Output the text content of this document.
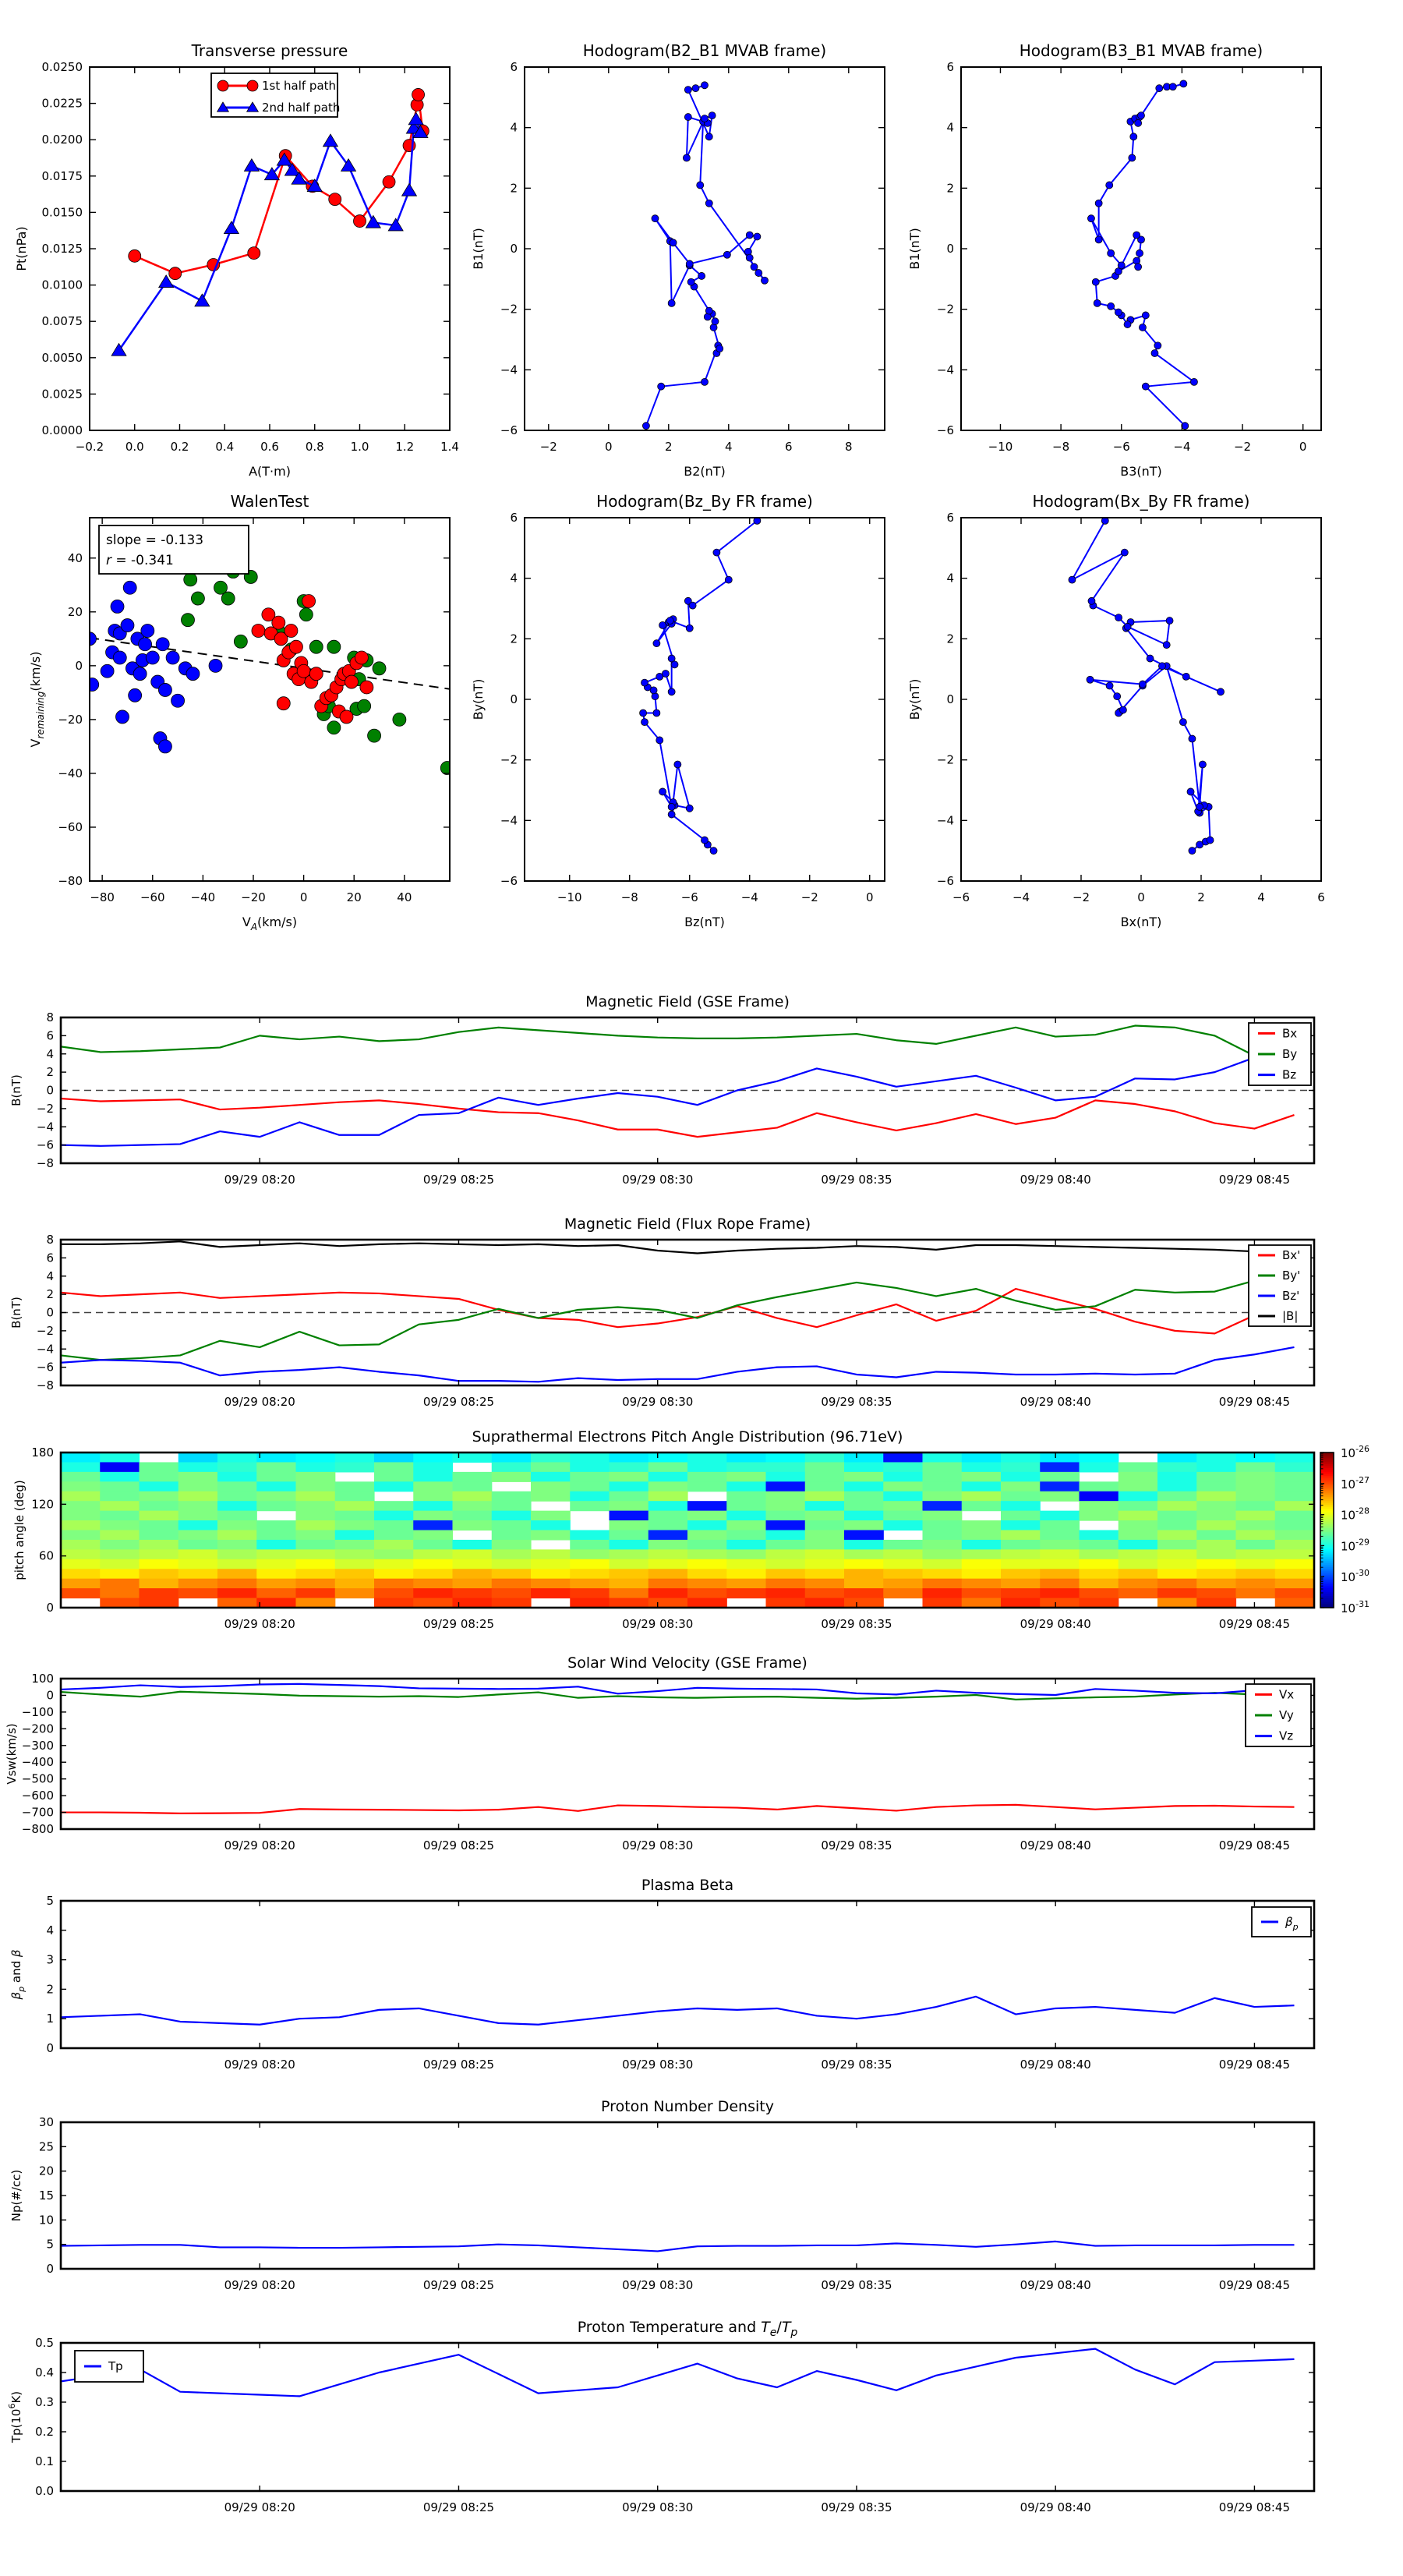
−0.2 0.0 0.2 0.4 0.6 0.8 1.0 1.2 1.4
0.0000
0.0025
0.0050
0.0075
0.0100
0.0125
0.0150
0.0175
0.0200
0.0225
0.0250
Transverse pressure
A(T·m)
Pt(nPa)
1st half path
2nd half path
−2	0	2	4	6	8
−6
−4
−2
0
2
4
6
Hodogram(B2_B1 MVAB frame)
B2(nT)
B1(nT)
−10	−8	−6	−4	−2	0
−6
−4
−2
0
2
4
6
Hodogram(B3_B1 MVAB frame)
B3(nT)
B1(nT)
−80 −60 −40 −20	0	20	40
−80
−60
−40
−20
0
20
40
WalenTest
$V_A(km/s)$
$V_{remaining}(km/s)$
slope = -0.133
r = -0.341
−10	−8	−6	−4	−2	0
−6
−4
−2
0
2
4
6
Hodogram(Bz_By FR frame)
Bz(nT)
By(nT)
−6	−4	−2	0	2	4	6
−6
−4
−2
0
2
4
6
Hodogram(Bx_By FR frame)
Bx(nT)
By(nT)
09/29 08:20	09/29 08:25	09/29 08:30	09/29 08:35	09/29 08:40	09/29 08:45
8
6
4
2
0
−2
−4
−6
−8
Magnetic Field (GSE Frame)
B(nT)
Bx
By
Bz
09/29 08:20	09/29 08:25	09/29 08:30	09/29 08:35	09/29 08:40	09/29 08:45
8
6
4
2
0
−2
−4
−6
−8
Magnetic Field (Flux Rope Frame)
B(nT)
Bx'
By'
Bz'
|B|
09/29 08:20	09/29 08:25	09/29 08:30	09/29 08:35	09/29 08:40	09/29 08:45
180
120
60
0
Suprathermal Electrons Pitch Angle Distribution (96.71eV)
pitch angle (deg)
$10^{-26}$
$10^{-27}$
$10^{-28}$
$10^{-29}$
$10^{-30}$
$10^{-31}$
09/29 08:20	09/29 08:25	09/29 08:30	09/29 08:35	09/29 08:40	09/29 08:45
100
0
−100
−200
−300
−400
−500
−600
−700
−800
Solar Wind Velocity (GSE Frame)
Vsw(km/s)
Vx
Vy
Vz
09/29 08:20	09/29 08:25	09/29 08:30	09/29 08:35	09/29 08:40	09/29 08:45
5
4
3
2
1
0
Plasma Beta
$\beta_p$ and β
$\beta_p$
09/29 08:20	09/29 08:25	09/29 08:30	09/29 08:35	09/29 08:40	09/29 08:45
30
25
20
15
10
5
0
Proton Number Density
Np(#/cc)
09/29 08:20	09/29 08:25	09/29 08:30	09/29 08:35	09/29 08:40	09/29 08:45
0.5
0.4
0.3
0.2
0.1
0.0
Proton Temperature and $T_e/T_p$
$Tp(10^6K)$
Tp
